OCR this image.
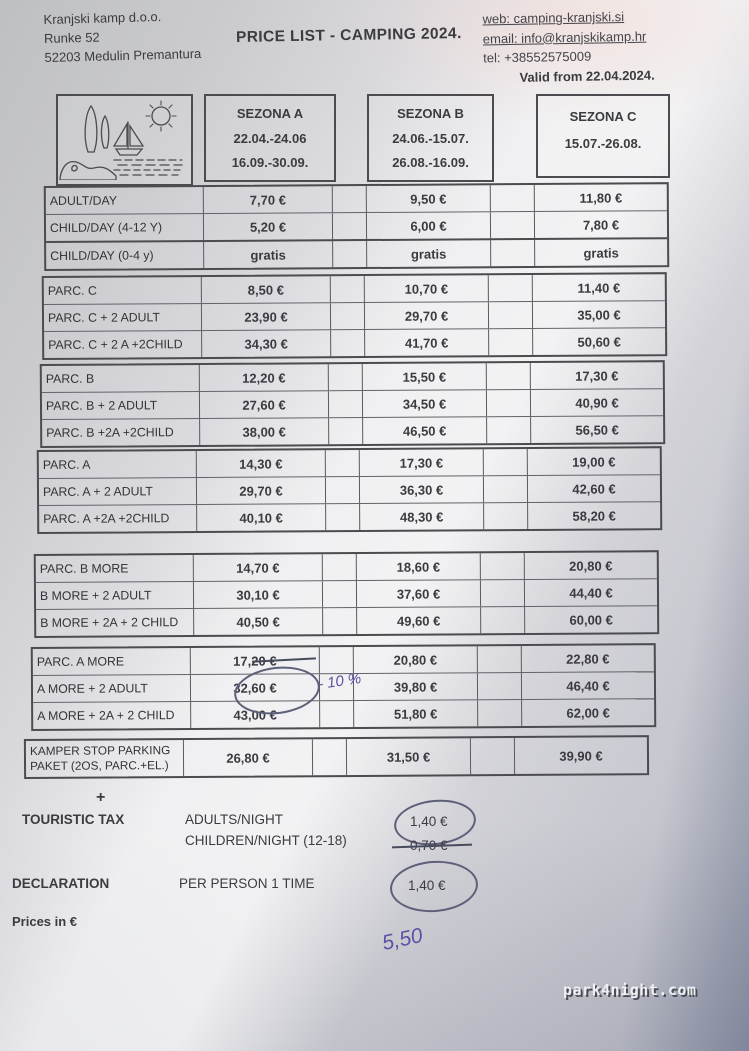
Kranjski kamp d.o.o.
Runke 52
52203 Medulin Premantura
PRICE LIST - CAMPING 2024.
web: camping-kranjski.si
email: info@kranjskikamp.hr
tel: +38552575009
Valid from 22.04.2024.
SEZONA A
22.04.-24.06
16.09.-30.09.
SEZONA B
24.06.-15.07.
26.08.-16.09.
SEZONA C
15.07.-26.08.
ADULT/DAY	7,70 €	9,50 €	11,80 €
CHILD/DAY (4-12 Y)	5,20 €	6,00 €	7,80 €
CHILD/DAY (0-4 y)	gratis	gratis	gratis
PARC. C	8,50 €	10,70 €	11,40 €
PARC. C + 2 ADULT	23,90 €	29,70 €	35,00 €
PARC. C + 2 A +2CHILD	34,30 €	41,70 €	50,60 €
PARC. B	12,20 €	15,50 €	17,30 €
PARC. B + 2 ADULT	27,60 €	34,50 €	40,90 €
PARC. B +2A +2CHILD	38,00 €	46,50 €	56,50 €
PARC. A	14,30 €	17,30 €	19,00 €
PARC. A + 2 ADULT	29,70 €	36,30 €	42,60 €
PARC. A +2A +2CHILD	40,10 €	48,30 €	58,20 €
PARC. B MORE	14,70 €	18,60 €	20,80 €
B MORE + 2 ADULT	30,10 €	37,60 €	44,40 €
B MORE + 2A + 2 CHILD	40,50 €	49,60 €	60,00 €
PARC. A MORE	17,20 €	20,80 €	22,80 €
A MORE + 2 ADULT	32,60 €	39,80 €	46,40 €
A MORE + 2A + 2 CHILD	43,00 €	51,80 €	62,00 €
KAMPER STOP PARKING
PAKET (2OS, PARC.+EL.)
26,80 €	31,50 €	39,90 €
- 10 %
+
TOURISTIC TAX	ADULTS/NIGHT	1,40 €
CHILDREN/NIGHT (12-18)	0,70 €
DECLARATION	PER PERSON 1 TIME	1,40 €
Prices in €
5,50
park4night.com
